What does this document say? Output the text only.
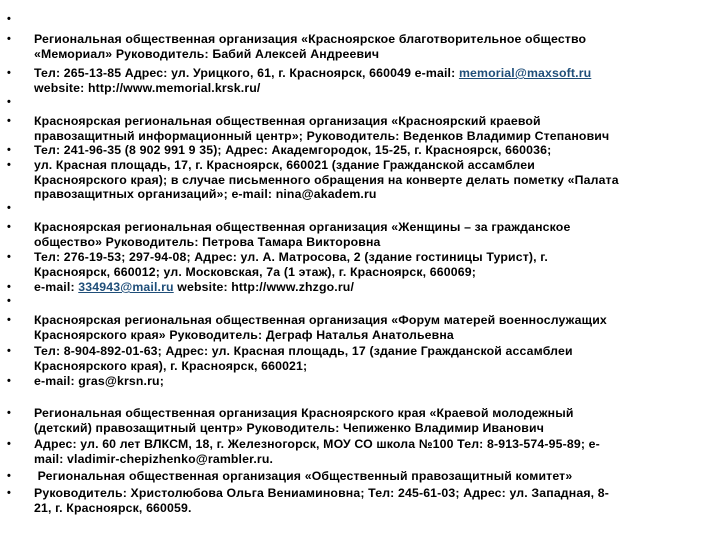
•
•
•
•
• Региональная общественная организация «Красноярское благотворительное общество
«Мемориал» Руководитель: Бабий Алексей Андреевич
• Тел: 265-13-85 Адрес: ул. Урицкого, 61, г. Красноярск, 660049 e-mail: memorial@maxsoft.ru
website: http://www.memorial.krsk.ru/
• Красноярская региональная общественная организация «Красноярский краевой
правозащитный информационный центр»; Руководитель: Веденков Владимир Степанович
• Тел: 241-96-35 (8 902 991 9 35); Адрес: Академгородок, 15-25, г. Красноярск, 660036;
• ул. Красная площадь, 17, г. Красноярск, 660021 (здание Гражданской ассамблеи
Красноярского края); в случае письменного обращения на конверте делать пометку «Палата
правозащитных организаций»; e-mail: nina@akadem.ru
• Красноярская региональная общественная организация «Женщины – за гражданское
общество» Руководитель: Петрова Тамара Викторовна
• Тел: 276-19-53; 297-94-08; Адрес: ул. А. Матросова, 2 (здание гостиницы Турист), г.
Красноярск, 660012; ул. Московская, 7а (1 этаж), г. Красноярск, 660069;
• e-mail: 334943@mail.ru website: http://www.zhzgo.ru/
• Красноярская региональная общественная организация «Форум матерей военнослужащих
Красноярского края» Руководитель: Деграф Наталья Анатольевна
• Тел: 8-904-892-01-63; Адрес: ул. Красная площадь, 17 (здание Гражданской ассамблеи
Красноярского края), г. Красноярск, 660021;
• e-mail: gras@krsn.ru;
• Региональная общественная организация Красноярского края «Краевой молодежный
(детский) правозащитный центр» Руководитель: Чепиженко Владимир Иванович
• Адрес: ул. 60 лет ВЛКСМ, 18, г. Железногорск, МОУ СО школа №100 Тел: 8-913-574-95-89; e-
mail: vladimir-chepizhenko@rambler.ru.
• Региональная общественная организация «Общественный правозащитный комитет»
• Руководитель: Христолюбова Ольга Вениаминовна; Тел: 245-61-03; Адрес: ул. Западная, 8-
21, г. Красноярск, 660059.
